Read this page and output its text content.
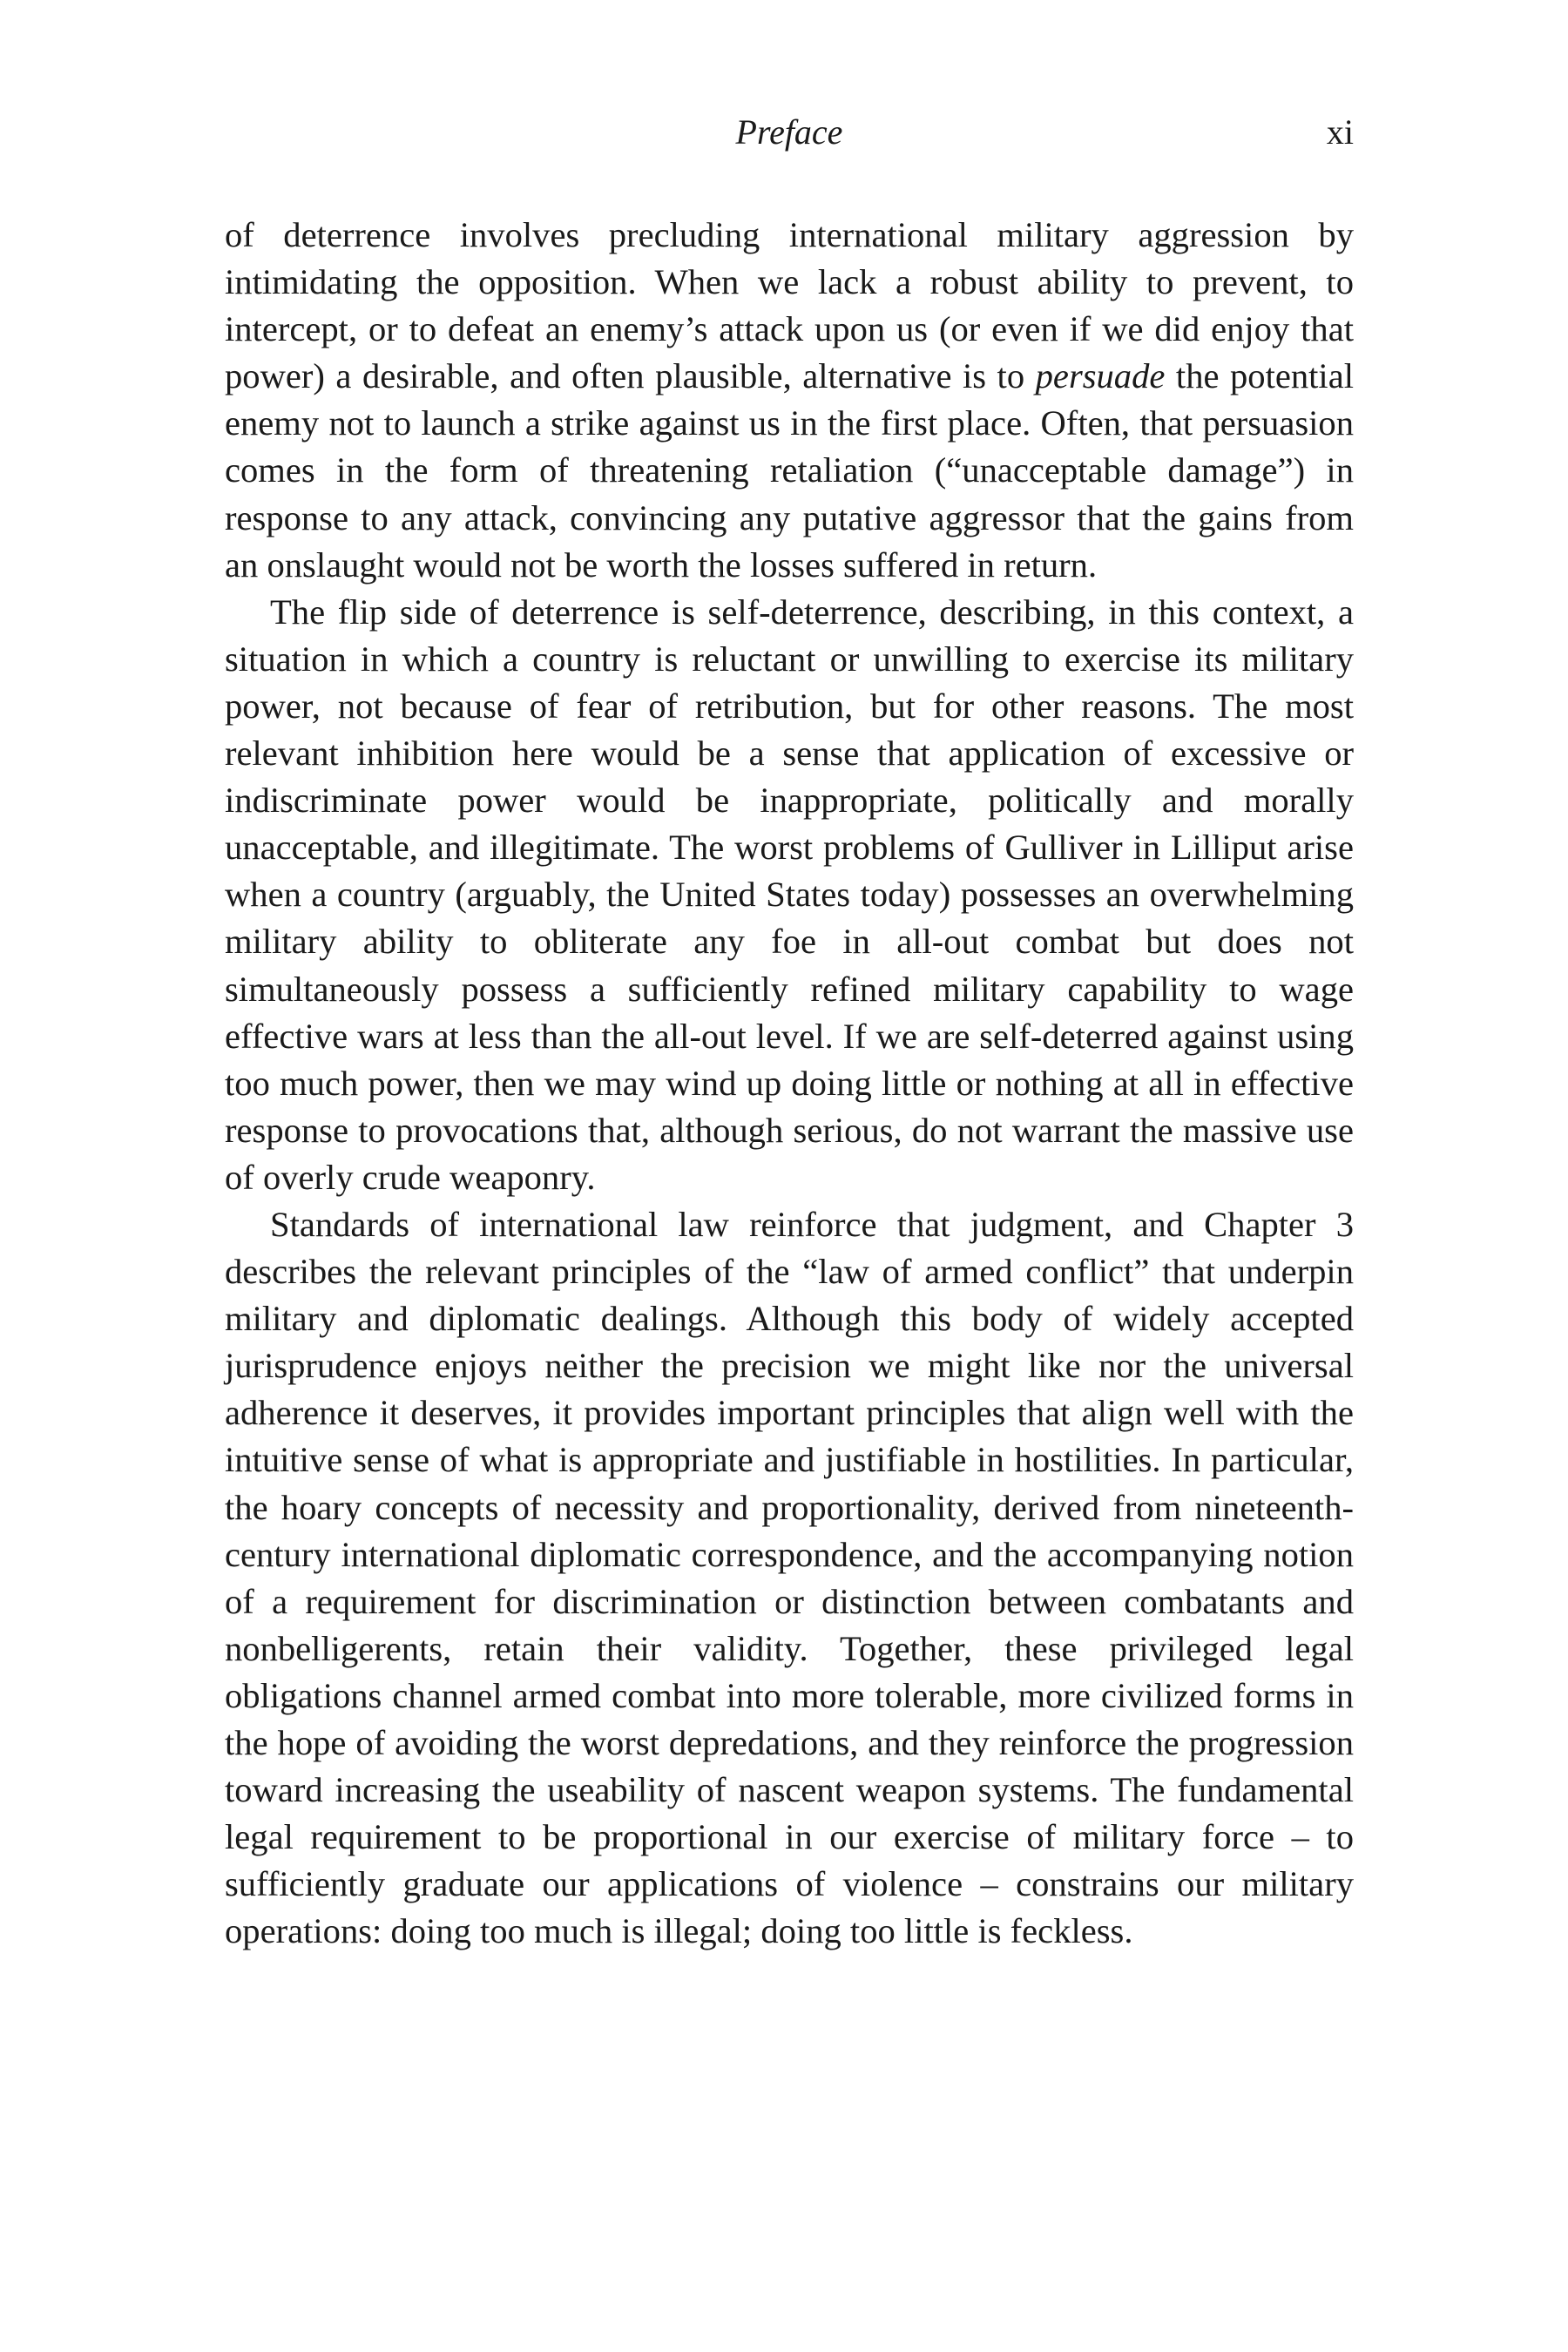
Preface	xi

of deterrence involves precluding international military aggression by intimidating the opposition. When we lack a robust ability to prevent, to intercept, or to defeat an enemy’s attack upon us (or even if we did enjoy that power) a desirable, and often plausible, alternative is to persuade the potential enemy not to launch a strike against us in the first place. Often, that persuasion comes in the form of threatening retaliation (“unacceptable damage”) in response to any attack, convincing any putative aggressor that the gains from an onslaught would not be worth the losses suffered in return.

The flip side of deterrence is self-deterrence, describing, in this context, a situation in which a country is reluctant or unwilling to exercise its military power, not because of fear of retribution, but for other reasons. The most relevant inhibition here would be a sense that application of excessive or indiscriminate power would be inappropriate, politically and morally unacceptable, and illegitimate. The worst problems of Gulliver in Lilliput arise when a country (arguably, the United States today) possesses an overwhelming military ability to obliterate any foe in all-out combat but does not simultaneously possess a sufficiently refined military capability to wage effective wars at less than the all-out level. If we are self-deterred against using too much power, then we may wind up doing little or nothing at all in effective response to provocations that, although serious, do not warrant the massive use of overly crude weaponry.

Standards of international law reinforce that judgment, and Chapter 3 describes the relevant principles of the “law of armed conflict” that underpin military and diplomatic dealings. Although this body of widely accepted jurisprudence enjoys neither the precision we might like nor the universal adherence it deserves, it provides important principles that align well with the intuitive sense of what is appropriate and justifiable in hostilities. In particular, the hoary concepts of necessity and proportionality, derived from nineteenth-century international diplomatic correspondence, and the accompanying notion of a requirement for discrimination or distinction between combatants and nonbelligerents, retain their validity. Together, these privileged legal obligations channel armed combat into more tolerable, more civilized forms in the hope of avoiding the worst depredations, and they reinforce the progression toward increasing the useability of nascent weapon systems. The fundamental legal requirement to be proportional in our exercise of military force – to sufficiently graduate our applications of violence – constrains our military operations: doing too much is illegal; doing too little is feckless.
